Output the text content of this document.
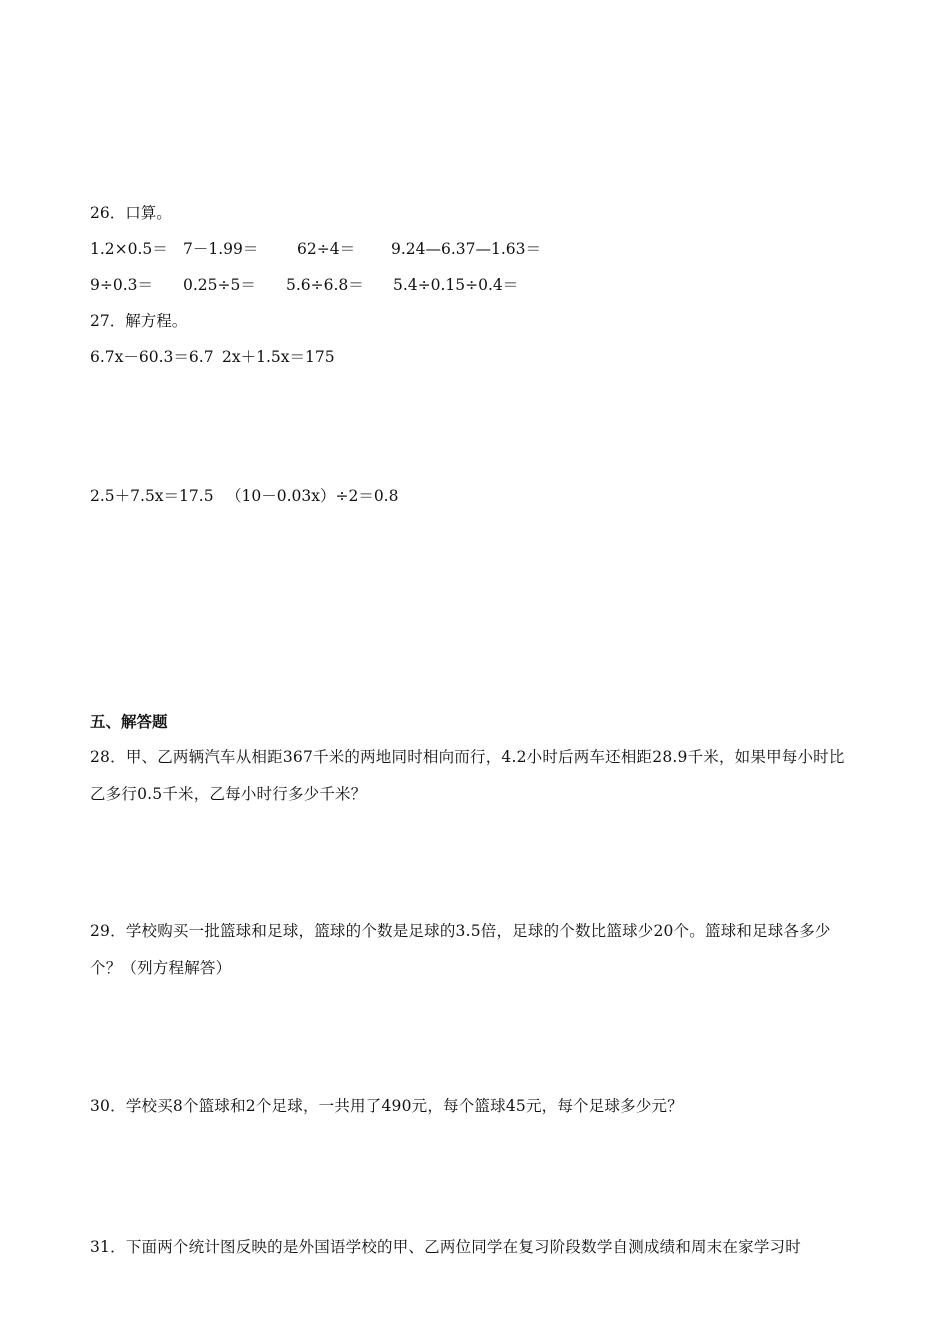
26．口算。
1.2×0.5＝ 7－1.99＝ 62÷4＝ 9.24—6.37—1.63＝
9÷0.3＝ 0.25÷5＝ 5.6÷6.8＝ 5.4÷0.15÷0.4＝
27．解方程。
6.7x－60.3＝6.7 2x＋1.5x＝175
2.5＋7.5x＝17.5 （10－0.03x）÷2＝0.8
五、解答题
28．甲、乙两辆汽车从相距367千米的两地同时相向而行，4.2小时后两车还相距28.9千米，如果甲每小时比乙多行0.5千米，乙每小时行多少千米？
29．学校购买一批篮球和足球，篮球的个数是足球的3.5倍，足球的个数比篮球少20个。篮球和足球各多少个？（列方程解答）
30．学校买8个篮球和2个足球，一共用了490元，每个篮球45元，每个足球多少元？
31．下面两个统计图反映的是外国语学校的甲、乙两位同学在复习阶段数学自测成绩和周末在家学习时
